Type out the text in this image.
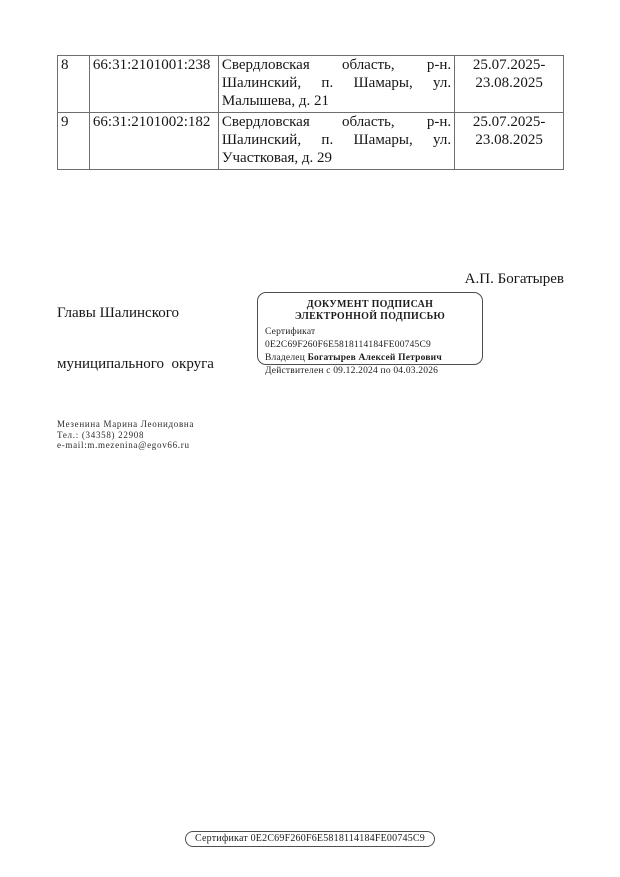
8	66:31:2101001:238	Свердловская область, р-н. Шалинский, п. Шамары, ул. Малышева, д. 21	25.07.2025-23.08.2025
9	66:31:2101002:182	Свердловская область, р-н. Шалинский, п. Шамары, ул. Участковая, д. 29	25.07.2025-23.08.2025

Главы Шалинского

муниципального  округа

А.П. Богатырев
ДОКУМЕНТ ПОДПИСАН
ЭЛЕКТРОННОЙ ПОДПИСЬЮ
Сертификат 0E2C69F260F6E5818114184FE00745C9
Владелец Богатырев Алексей Петрович
Действителен с 09.12.2024 по 04.03.2026
Мезенина Марина Леонидовна
Тел.: (34358) 22908
e-mail:m.mezenina@egov66.ru
Сертификат 0E2C69F260F6E5818114184FE00745C9
